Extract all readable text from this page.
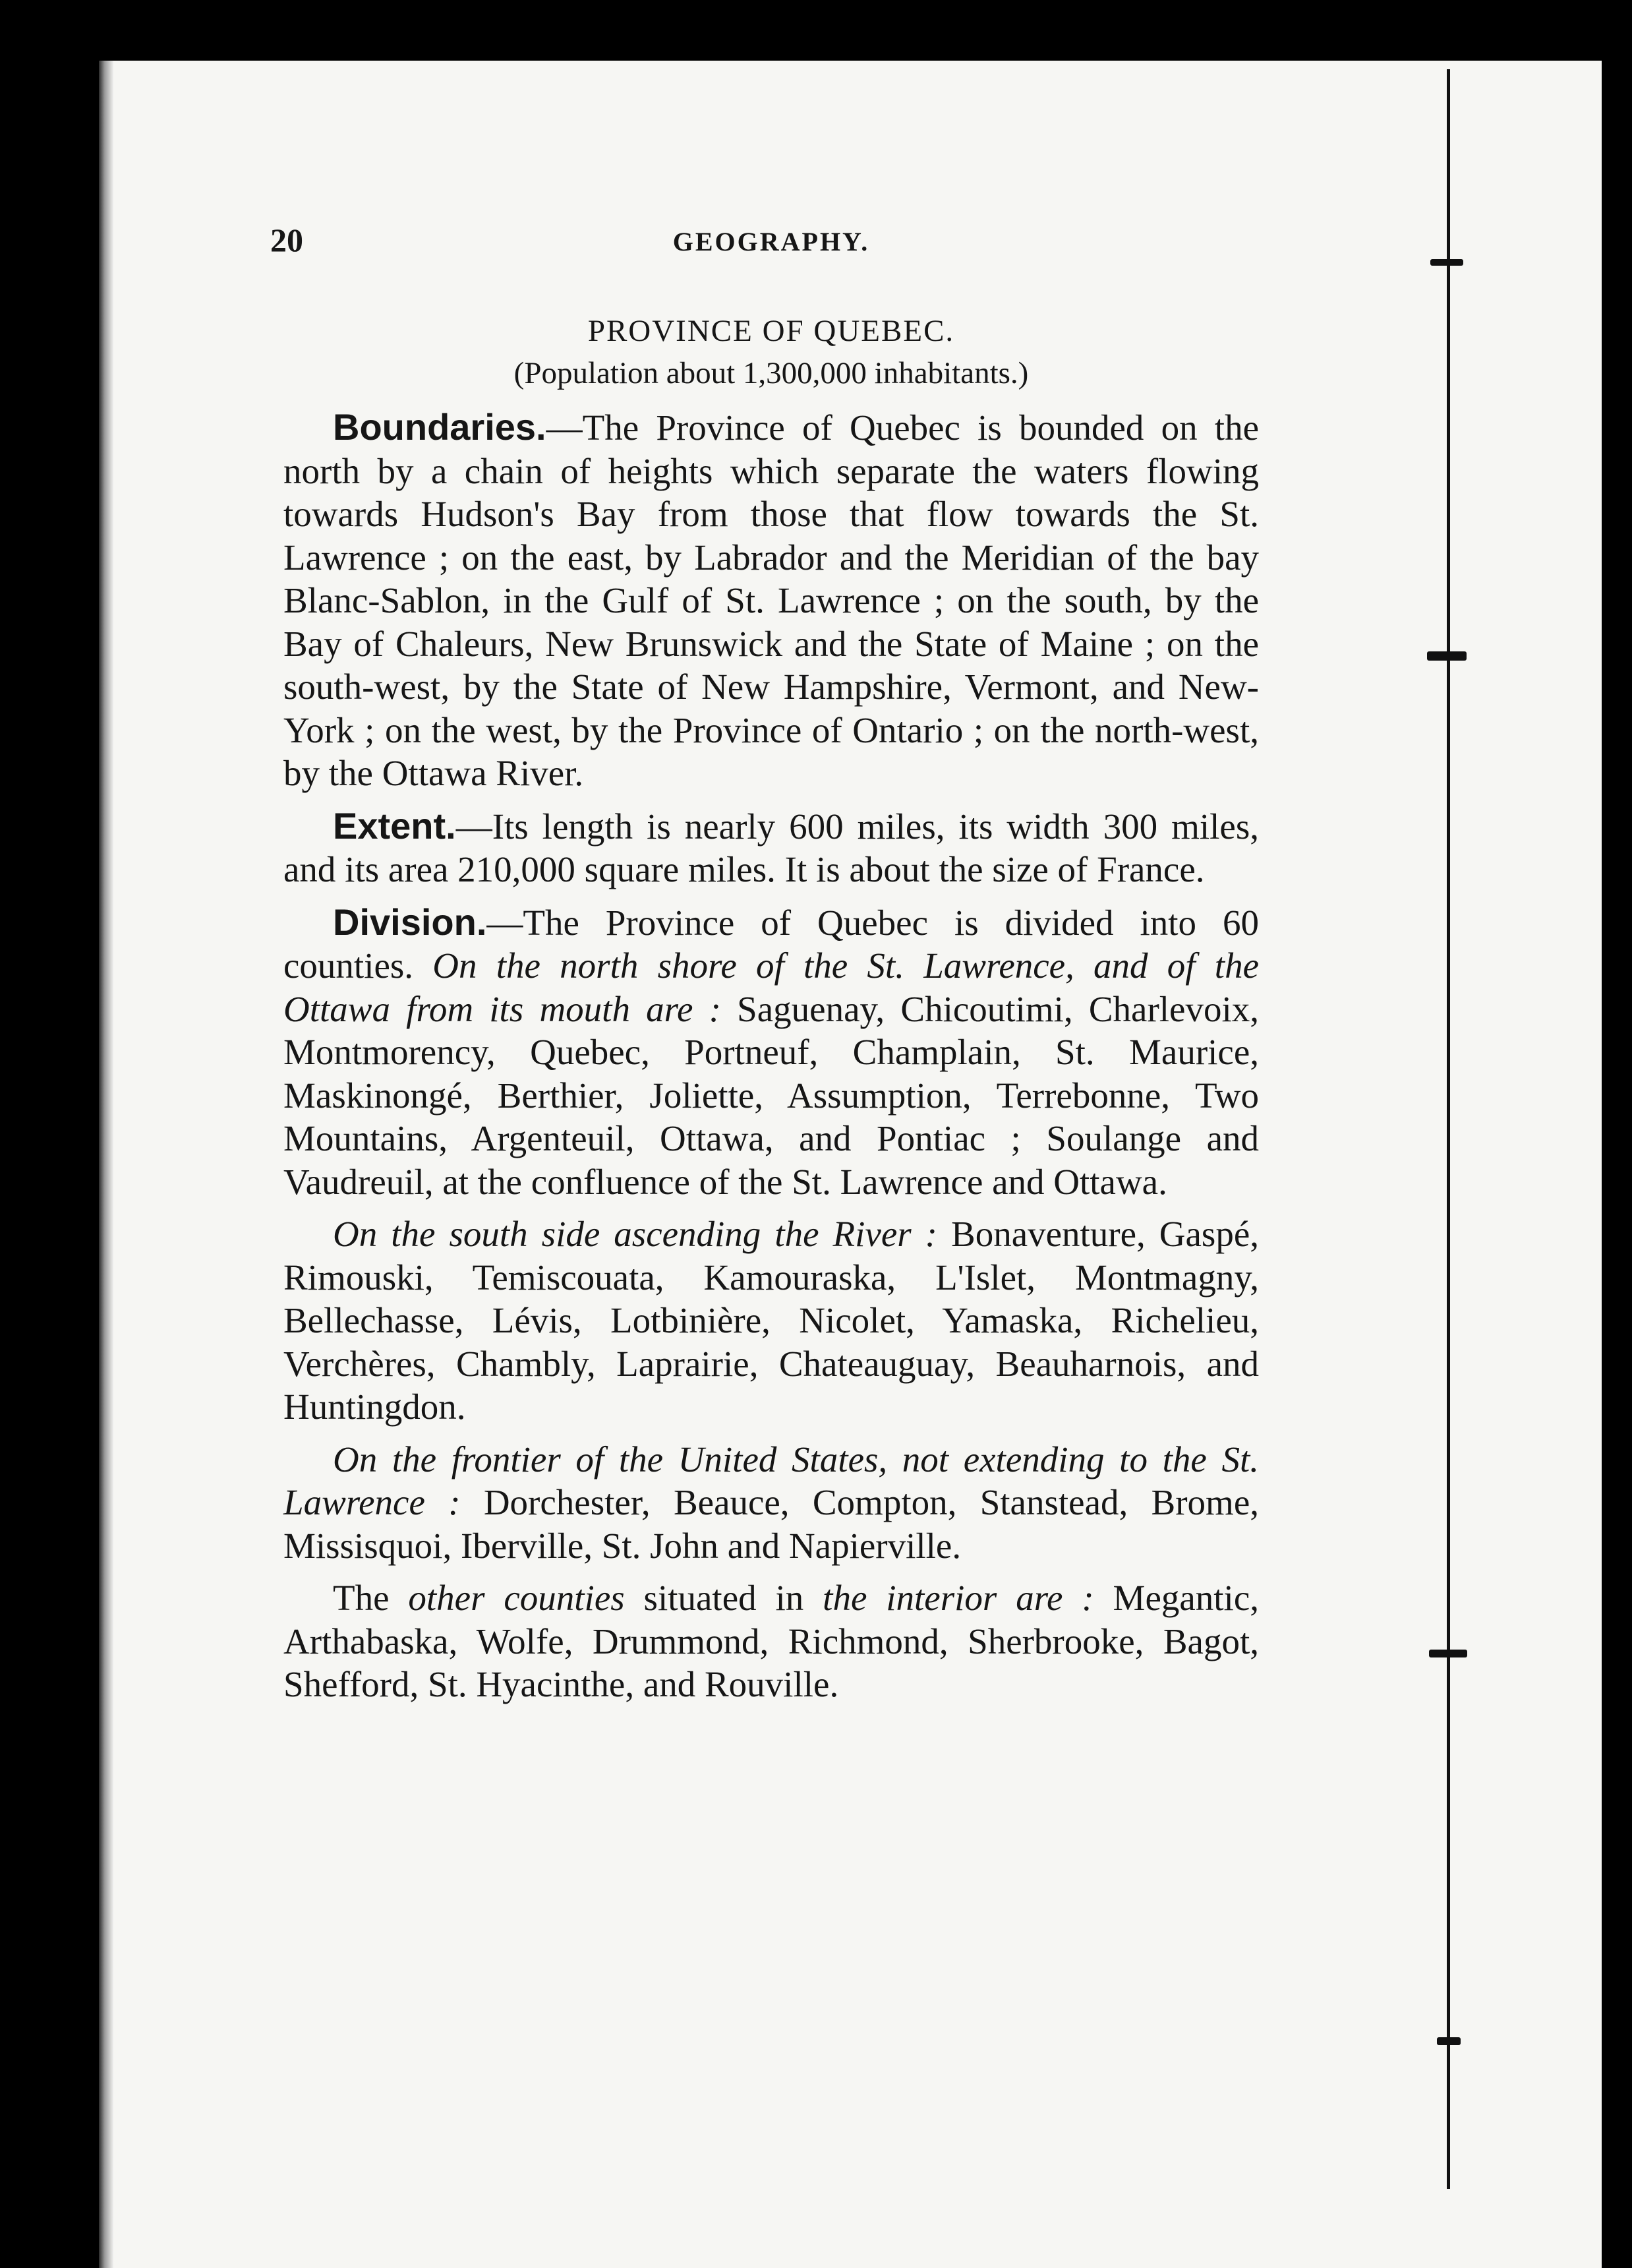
20	GEOGRAPHY.
PROVINCE OF QUEBEC.
(Population about 1,300,000 inhabitants.)

Boundaries.—The Province of Quebec is bounded on the north by a chain of heights which separate the waters flowing towards Hudson's Bay from those that flow towards the St. Lawrence ; on the east, by Labrador and the Meridian of the bay Blanc-Sablon, in the Gulf of St. Lawrence ; on the south, by the Bay of Chaleurs, New Brunswick and the State of Maine ; on the south-west, by the State of New Hampshire, Vermont, and New-York ; on the west, by the Province of Ontario ; on the north-west, by the Ottawa River.

Extent.—Its length is nearly 600 miles, its width 300 miles, and its area 210,000 square miles. It is about the size of France.

Division.—The Province of Quebec is divided into 60 counties. On the north shore of the St. Lawrence, and of the Ottawa from its mouth are : Saguenay, Chicoutimi, Charlevoix, Montmorency, Quebec, Portneuf, Champlain, St. Maurice, Maskinongé, Berthier, Joliette, Assumption, Terrebonne, Two Mountains, Argenteuil, Ottawa, and Pontiac ; Soulange and Vaudreuil, at the confluence of the St. Lawrence and Ottawa.

On the south side ascending the River : Bonaventure, Gaspé, Rimouski, Temiscouata, Kamouraska, L'Islet, Montmagny, Bellechasse, Lévis, Lotbinière, Nicolet, Yamaska, Richelieu, Verchères, Chambly, Laprairie, Chateauguay, Beauharnois, and Huntingdon.

On the frontier of the United States, not extending to the St. Lawrence : Dorchester, Beauce, Compton, Stanstead, Brome, Missisquoi, Iberville, St. John and Napierville.

The other counties situated in the interior are : Megantic, Arthabaska, Wolfe, Drummond, Richmond, Sherbrooke, Bagot, Shefford, St. Hyacinthe, and Rouville.
